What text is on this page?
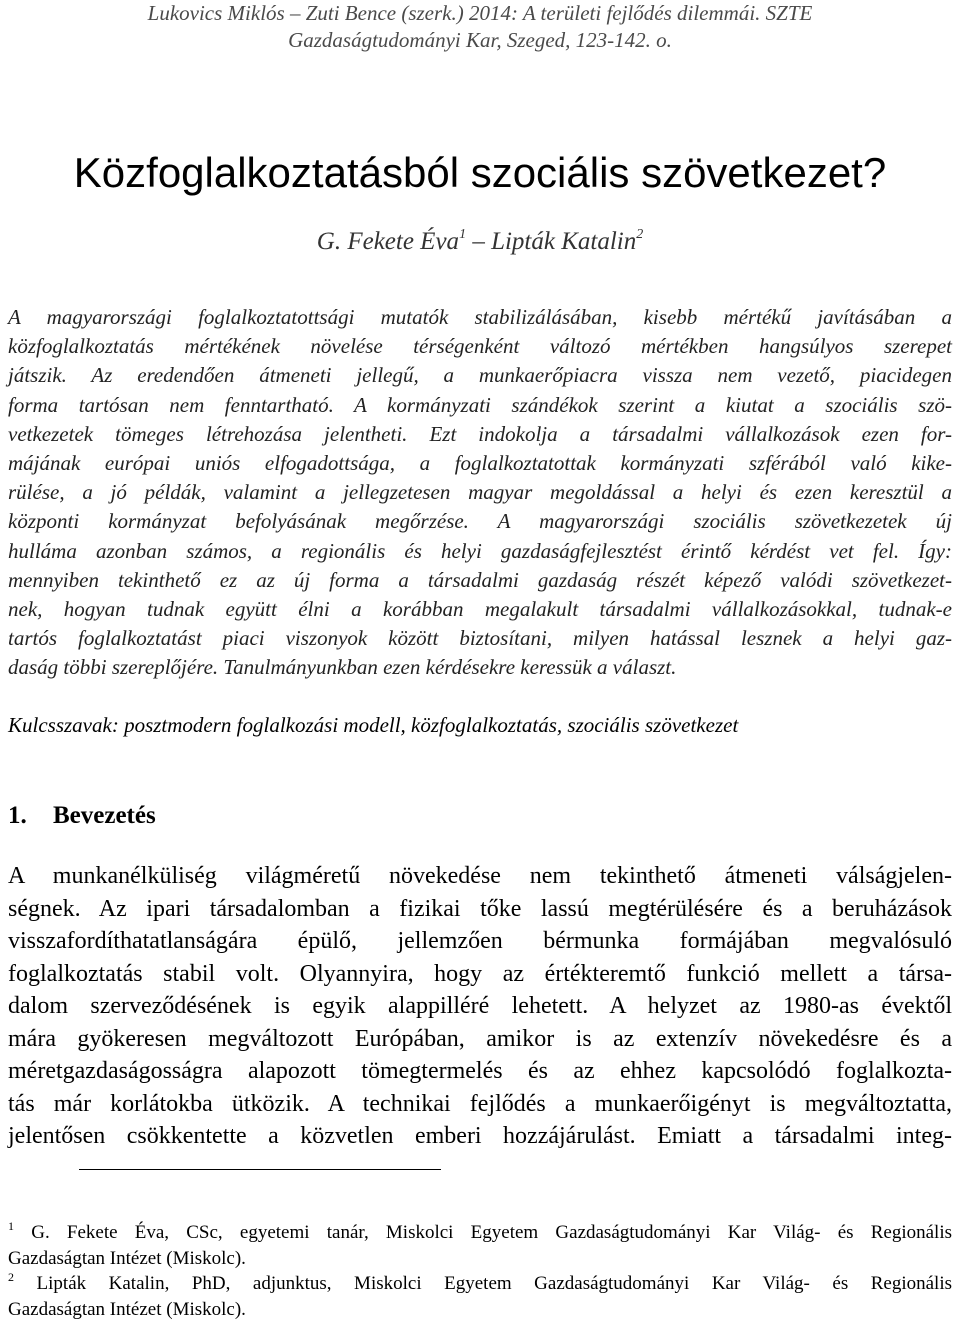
Lukovics Miklós – Zuti Bence (szerk.) 2014: A területi fejlődés dilemmái. SZTE
Gazdaságtudományi Kar, Szeged, 123-142. o.
Közfoglalkoztatásból szociális szövetkezet?
G. Fekete Éva$^1$ – Lipták Katalin$^2$
A magyarországi foglalkoztatottsági mutatók stabilizálásában, kisebb mértékű javításában a
közfoglalkoztatás mértékének növelése térségenként változó mértékben hangsúlyos szerepet
játszik. Az eredendően átmeneti jellegű, a munkaerőpiacra vissza nem vezető, piacidegen
forma tartósan nem fenntartható. A kormányzati szándékok szerint a kiutat a szociális szö-
vetkezetek tömeges létrehozása jelentheti. Ezt indokolja a társadalmi vállalkozások ezen for-
májának európai uniós elfogadottsága, a foglalkoztatottak kormányzati szférából való kike-
rülése, a jó példák, valamint a jellegzetesen magyar megoldással a helyi és ezen keresztül a
központi kormányzat befolyásának megőrzése. A magyarországi szociális szövetkezetek új
hulláma azonban számos, a regionális és helyi gazdaságfejlesztést érintő kérdést vet fel. Így:
mennyiben tekinthető ez az új forma a társadalmi gazdaság részét képező valódi szövetkezet-
nek, hogyan tudnak együtt élni a korábban megalakult társadalmi vállalkozásokkal, tudnak-e
tartós foglalkoztatást piaci viszonyok között biztosítani, milyen hatással lesznek a helyi gaz-
daság többi szereplőjére. Tanulmányunkban ezen kérdésekre keressük a választ.
Kulcsszavak: posztmodern foglalkozási modell, közfoglalkoztatás, szociális szövetkezet
1. Bevezetés
A munkanélküliség világméretű növekedése nem tekinthető átmeneti válságjelen-
ségnek. Az ipari társadalomban a fizikai tőke lassú megtérülésére és a beruházások
visszafordíthatatlanságára épülő, jellemzően bérmunka formájában megvalósuló
foglalkoztatás stabil volt. Olyannyira, hogy az értékteremtő funkció mellett a társa-
dalom szerveződésének is egyik alappilléré lehetett. A helyzet az 1980-as évektől
mára gyökeresen megváltozott Európában, amikor is az extenzív növekedésre és a
méretgazdaságosságra alapozott tömegtermelés és az ehhez kapcsolódó foglalkozta-
tás már korlátokba ütközik. A technikai fejlődés a munkaerőigényt is megváltoztatta,
jelentősen csökkentette a közvetlen emberi hozzájárulást. Emiatt a társadalmi integ-
$^1$ G. Fekete Éva, CSc, egyetemi tanár, Miskolci Egyetem Gazdaságtudományi Kar Világ- és Regionális
Gazdaságtan Intézet (Miskolc).
$^2$ Lipták Katalin, PhD, adjunktus, Miskolci Egyetem Gazdaságtudományi Kar Világ- és Regionális
Gazdaságtan Intézet (Miskolc).
